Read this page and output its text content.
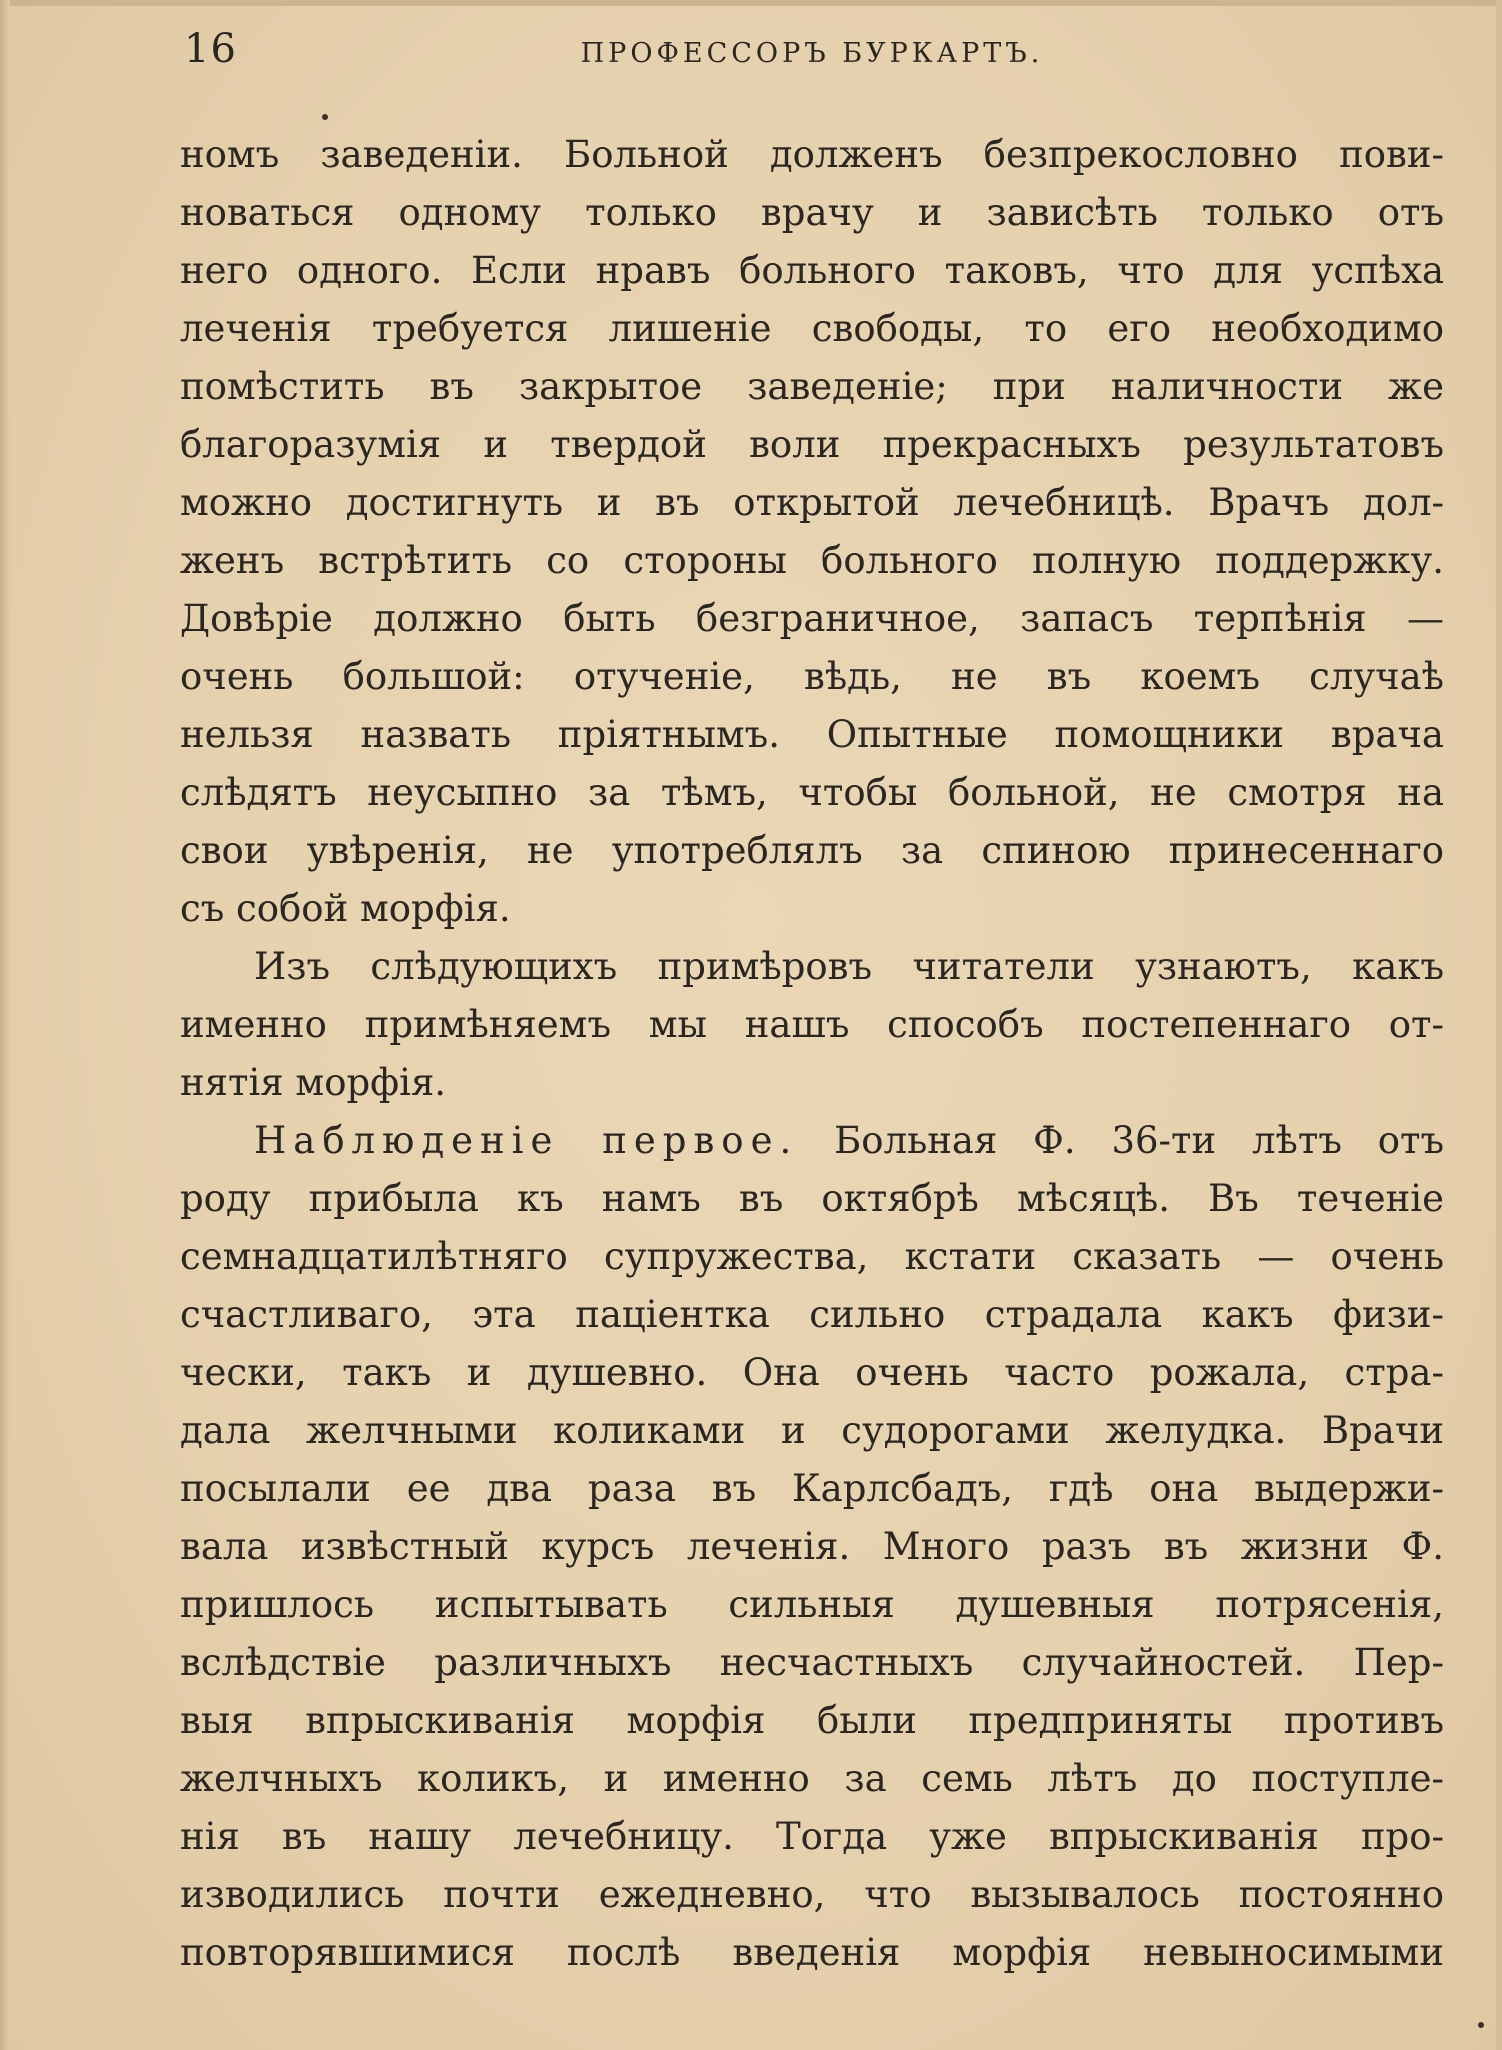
16	ПРОФЕССОРЪ БУРКАРТЪ.
номъ заведенiи. Больной долженъ безпрекословно пови-
новаться одному только врачу и зависѣть только отъ
него одного. Если нравъ больного таковъ, что для успѣха
леченiя требуется лишенiе свободы, то его необходимо
помѣстить въ закрытое заведенiе; при наличности же
благоразумiя и твердой воли прекрасныхъ результатовъ
можно достигнуть и въ открытой лечебницѣ. Врачъ дол-
женъ встрѣтить со стороны больного полную поддержку.
Довѣрiе должно быть безграничное, запасъ терпѣнiя —
очень большой: отученiе, вѣдь, не въ коемъ случаѣ
нельзя назвать прiятнымъ. Опытные помощники врача
слѣдятъ неусыпно за тѣмъ, чтобы больной, не смотря на
свои увѣренiя, не употреблялъ за спиною принесеннаго
съ собой морфiя.
Изъ слѣдующихъ примѣровъ читатели узнаютъ, какъ
именно примѣняемъ мы нашъ способъ постепеннаго от-
нятiя морфiя.
Наблюденiе первое. Больная Ф. 36-ти лѣтъ отъ
роду прибыла къ намъ въ октябрѣ мѣсяцѣ. Въ теченiе
семнадцатилѣтняго супружества, кстати сказать — очень
счастливаго, эта пацiентка сильно страдала какъ физи-
чески, такъ и душевно. Она очень часто рожала, стра-
дала желчными коликами и судорогами желудка. Врачи
посылали ее два раза въ Карлсбадъ, гдѣ она выдержи-
вала извѣстный курсъ леченiя. Много разъ въ жизни Ф.
пришлось испытывать сильныя душевныя потрясенiя,
вслѣдствiе различныхъ несчастныхъ случайностей. Пер-
выя впрыскиванiя морфiя были предприняты противъ
желчныхъ коликъ, и именно за семь лѣтъ до поступле-
нiя въ нашу лечебницу. Тогда уже впрыскиванiя про-
изводились почти ежедневно, что вызывалось постоянно
повторявшимися послѣ введенiя морфiя невыносимыми
